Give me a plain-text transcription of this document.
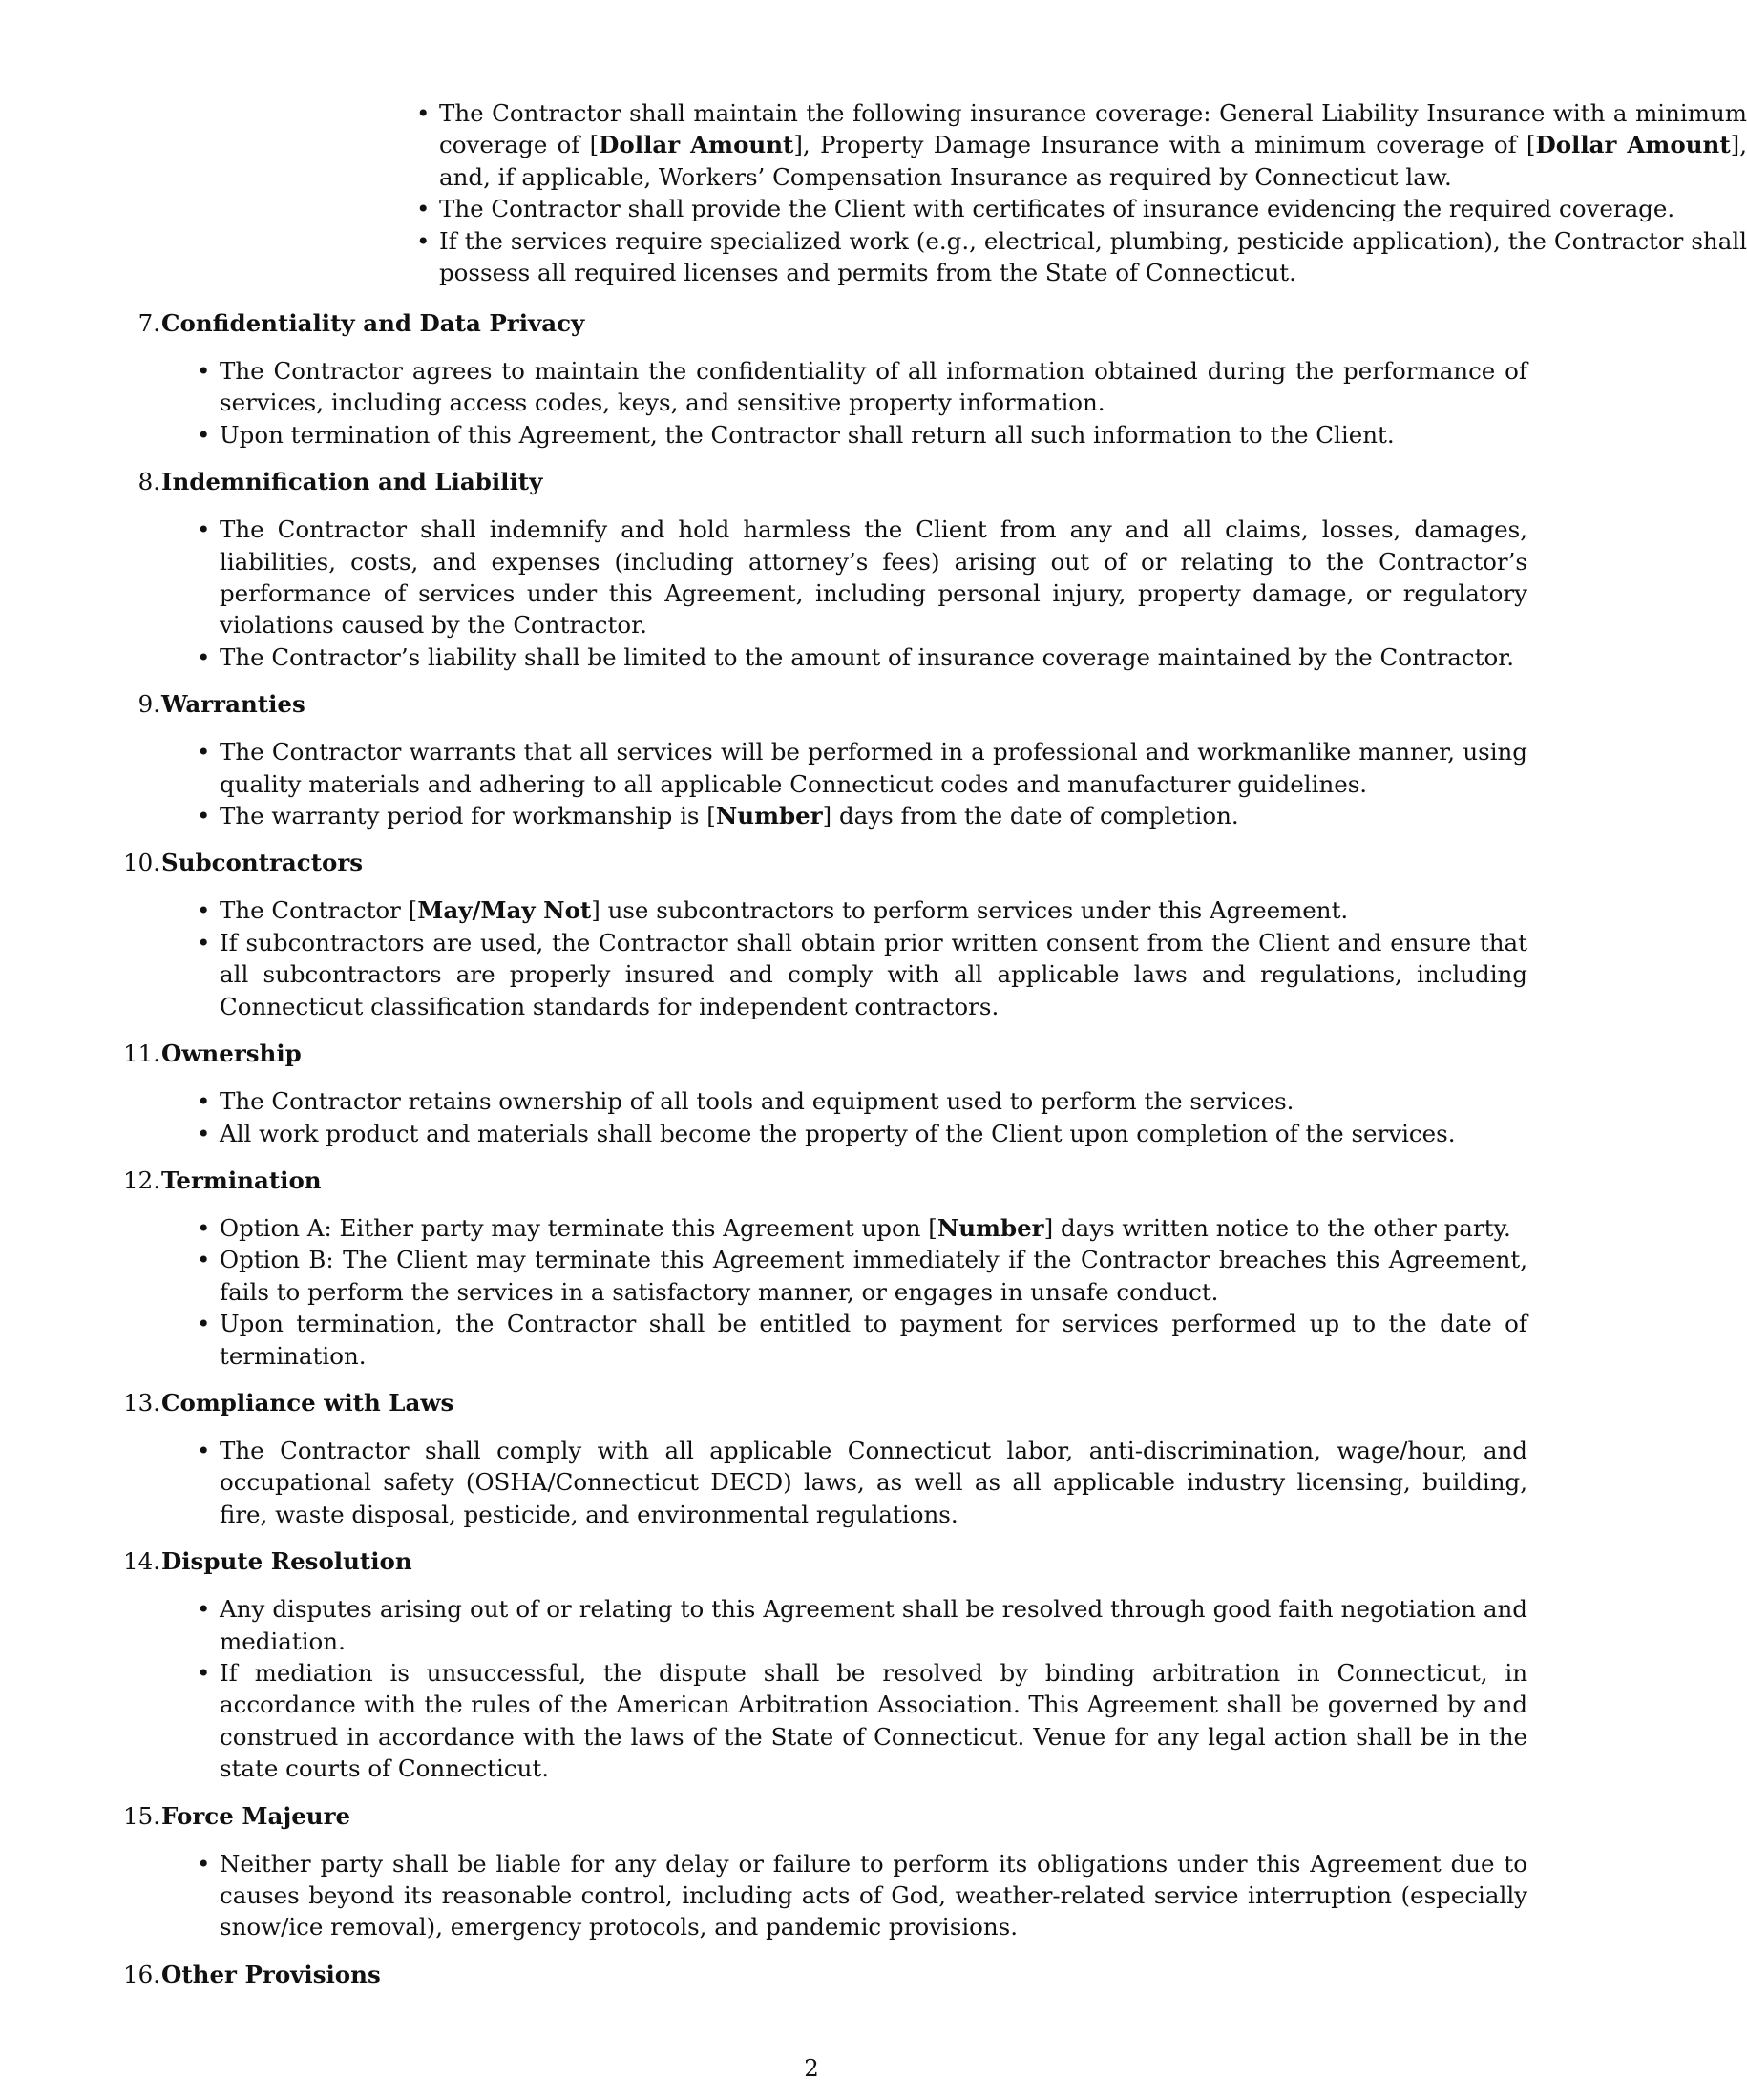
• The Contractor shall maintain the following insurance coverage: General Liability Insurance with a minimum coverage of [Dollar Amount], Property Damage Insurance with a minimum coverage of [Dollar Amount], and, if applicable, Workers’ Compensation Insurance as required by Connecticut law.
• The Contractor shall provide the Client with certificates of insurance evidencing the required coverage.
• If the services require specialized work (e.g., electrical, plumbing, pesticide application), the Contractor shall possess all required licenses and permits from the State of Connecticut.
7. Confidentiality and Data Privacy
• The Contractor agrees to maintain the confidentiality of all information obtained during the performance of services, including access codes, keys, and sensitive property information.
• Upon termination of this Agreement, the Contractor shall return all such information to the Client.
8. Indemnification and Liability
• The Contractor shall indemnify and hold harmless the Client from any and all claims, losses, damages, liabilities, costs, and expenses (including attorney’s fees) arising out of or relating to the Contractor’s performance of services under this Agreement, including personal injury, property damage, or regulatory violations caused by the Contractor.
• The Contractor’s liability shall be limited to the amount of insurance coverage maintained by the Contractor.
9. Warranties
• The Contractor warrants that all services will be performed in a professional and workmanlike manner, using quality materials and adhering to all applicable Connecticut codes and manufacturer guidelines.
• The warranty period for workmanship is [Number] days from the date of completion.
10. Subcontractors
• The Contractor [May/May Not] use subcontractors to perform services under this Agreement.
• If subcontractors are used, the Contractor shall obtain prior written consent from the Client and ensure that all subcontractors are properly insured and comply with all applicable laws and regulations, including Connecticut classification standards for independent contractors.
11. Ownership
• The Contractor retains ownership of all tools and equipment used to perform the services.
• All work product and materials shall become the property of the Client upon completion of the services.
12. Termination
• Option A: Either party may terminate this Agreement upon [Number] days written notice to the other party.
• Option B: The Client may terminate this Agreement immediately if the Contractor breaches this Agreement, fails to perform the services in a satisfactory manner, or engages in unsafe conduct.
• Upon termination, the Contractor shall be entitled to payment for services performed up to the date of termination.
13. Compliance with Laws
• The Contractor shall comply with all applicable Connecticut labor, anti-discrimination, wage/hour, and occupational safety (OSHA/Connecticut DECD) laws, as well as all applicable industry licensing, building, fire, waste disposal, pesticide, and environmental regulations.
14. Dispute Resolution
• Any disputes arising out of or relating to this Agreement shall be resolved through good faith negotiation and mediation.
• If mediation is unsuccessful, the dispute shall be resolved by binding arbitration in Connecticut, in accordance with the rules of the American Arbitration Association. This Agreement shall be governed by and construed in accordance with the laws of the State of Connecticut. Venue for any legal action shall be in the state courts of Connecticut.
15. Force Majeure
• Neither party shall be liable for any delay or failure to perform its obligations under this Agreement due to causes beyond its reasonable control, including acts of God, weather-related service interruption (especially snow/ice removal), emergency protocols, and pandemic provisions.
16. Other Provisions
2
